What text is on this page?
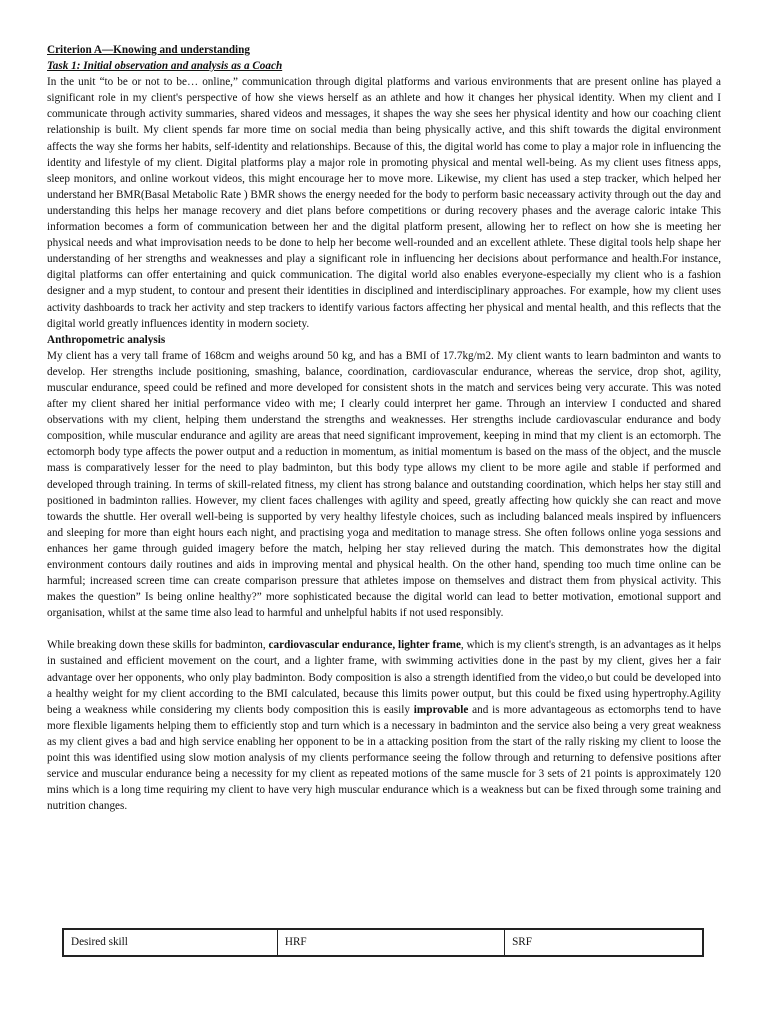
Criterion A—Knowing and understanding
Task 1: Initial observation and analysis as a Coach

In the unit “to be or not to be… online,” communication through digital platforms and various environments that are present online has played a significant role in my client's perspective of how she views herself as an athlete and how it changes her physical identity. When my client and I communicate through activity summaries, shared videos and messages, it shapes the way she sees her physical identity and how our coaching client relationship is built. My client spends far more time on social media than being physically active, and this shift towards the digital environment affects the way she forms her habits, self-identity and relationships. Because of this, the digital world has come to play a major role in influencing the identity and lifestyle of my client. Digital platforms play a major role in promoting physical and mental well-being. As my client uses fitness apps, sleep monitors, and online workout videos, this might encourage her to move more. Likewise, my client has used a step tracker, which helped her understand her BMR(Basal Metabolic Rate ) BMR shows the energy needed for the body to perform basic neceassary activity through out the day and understanding this helps her manage recovery and diet plans before competitions or during recovery phases and the average caloric intake This information becomes a form of communication between her and the digital platform present, allowing her to reflect on how she is meeting her physical needs and what improvisation needs to be done to help her become well-rounded and an excellent athlete. These digital tools help shape her understanding of her strengths and weaknesses and play a significant role in influencing her decisions about performance and health.For instance, digital platforms can offer entertaining and quick communication. The digital world also enables everyone-especially my client who is a fashion designer and a myp student, to contour and present their identities in disciplined and interdisciplinary approaches. For example, how my client uses activity dashboards to track her activity and step trackers to identify various factors affecting her physical and mental health, and this reflects that the digital world greatly influences identity in modern society.

Anthropometric analysis

My client has a very tall frame of 168cm and weighs around 50 kg, and has a BMI of 17.7kg/m2. My client wants to learn badminton and wants to develop. Her strengths include positioning, smashing, balance, coordination, cardiovascular endurance, whereas the service, drop shot, agility, muscular endurance, speed could be refined and more developed for consistent shots in the match and services being very accurate. This was noted after my client shared her initial performance video with me; I clearly could interpret her game. Through an interview I conducted and shared observations with my client, helping them understand the strengths and weaknesses. Her strengths include cardiovascular endurance and body composition, while muscular endurance and agility are areas that need significant improvement, keeping in mind that my client is an ectomorph. The ectomorph body type affects the power output and a reduction in momentum, as initial momentum is based on the mass of the object, and the muscle mass is comparatively lesser for the need to play badminton, but this body type allows my client to be more agile and stable if performed and developed through training. In terms of skill-related fitness, my client has strong balance and outstanding coordination, which helps her stay still and positioned in badminton rallies. However, my client faces challenges with agility and speed, greatly affecting how quickly she can react and move towards the shuttle. Her overall well-being is supported by very healthy lifestyle choices, such as including balanced meals inspired by influencers and sleeping for more than eight hours each night, and practising yoga and meditation to manage stress. She often follows online yoga sessions and enhances her game through guided imagery before the match, helping her stay relieved during the match. This demonstrates how the digital environment contours daily routines and aids in improving mental and physical health. On the other hand, spending too much time online can be harmful; increased screen time can create comparison pressure that athletes impose on themselves and distract them from physical activity. This makes the question” Is being online healthy?” more sophisticated because the digital world can lead to better motivation, emotional support and organisation, whilst at the same time also lead to harmful and unhelpful habits if not used responsibly.

While breaking down these skills for badminton, cardiovascular endurance, lighter frame, which is my client's strength, is an advantages as it helps in sustained and efficient movement on the court, and a lighter frame, with swimming activities done in the past by my client, gives her a fair advantage over her opponents, who only play badminton. Body composition is also a strength identified from the video,o but could be developed into a healthy weight for my client according to the BMI calculated, because this limits power output, but this could be fixed using hypertrophy.Agility being a weakness while considering my clients body composition this is easily improvable and is more advantageous as ectomorphs tend to have more flexible ligaments helping them to efficiently stop and turn which is a necessary in badminton and the service also being a very great weakness as my client gives a bad and high service enabling her opponent to be in a attacking position from the start of the rally risking my client to loose the point this was identified using slow motion analysis of my clients performance seeing the follow through and returning to defensive positions after service and muscular endurance being a necessity for my client as repeated motions of the same muscle for 3 sets of 21 points is approximately 120 mins which is a long time requiring my client to have very high muscular endurance which is a weakness but can be fixed through some training and nutrition changes.

Desired skill	HRF	SRF
